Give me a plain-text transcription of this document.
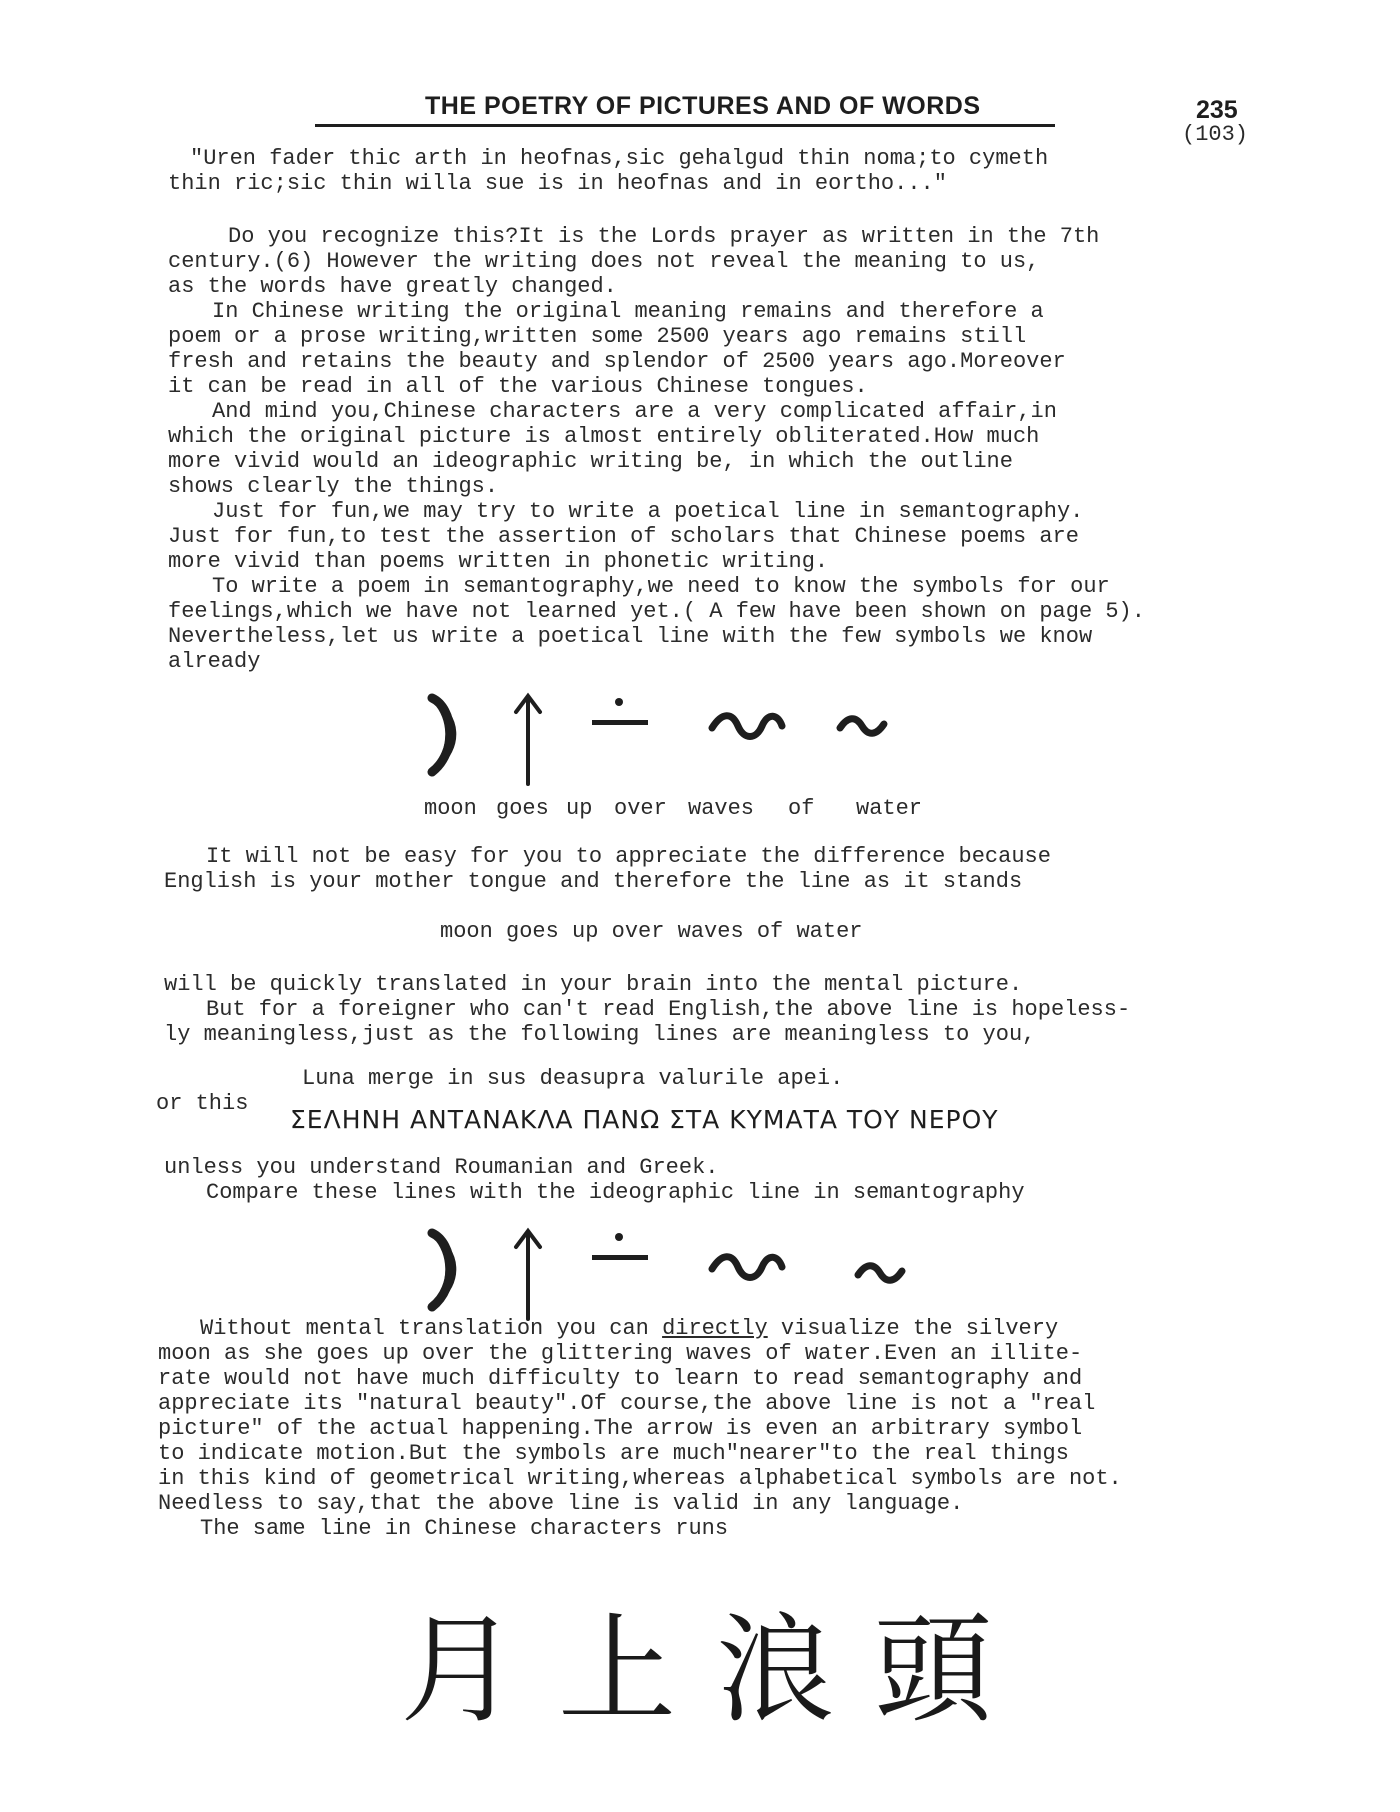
THE POETRY OF PICTURES AND OF WORDS	235
(103)
"Uren fader thic arth in heofnas,sic gehalgud thin noma;to cymeth
thin ric;sic thin willa sue is in heofnas and in eortho..."
Do you recognize this?It is the Lords prayer as written in the 7th
century.(6) However the writing does not reveal the meaning to us,
as the words have greatly changed.
In Chinese writing the original meaning remains and therefore a
poem or a prose writing,written some 2500 years ago remains still
fresh and retains the beauty and splendor of 2500 years ago.Moreover
it can be read in all of the various Chinese tongues.
And mind you,Chinese characters are a very complicated affair,in
which the original picture is almost entirely obliterated.How much
more vivid would an ideographic writing be, in which the outline
shows clearly the things.
Just for fun,we may try to write a poetical line in semantography.
Just for fun,to test the assertion of scholars that Chinese poems are
more vivid than poems written in phonetic writing.
To write a poem in semantography,we need to know the symbols for our
feelings,which we have not learned yet.( A few have been shown on page 5).
Nevertheless,let us write a poetical line with the few symbols we know
already
moon goes up over waves of water
It will not be easy for you to appreciate the difference because
English is your mother tongue and therefore the line as it stands
moon goes up over waves of water
will be quickly translated in your brain into the mental picture.
But for a foreigner who can't read English,the above line is hopeless-
ly meaningless,just as the following lines are meaningless to you,
Luna merge in sus deasupra valurile apei.
or this
ΣΕΛΗΝΗ ΑΝΤΑΝΑΚΛΑ ΠΑΝΩ ΣΤΑ ΚΥΜΑΤΑ ΤΟΥ ΝΕΡΟΥ
unless you understand Roumanian and Greek.
Compare these lines with the ideographic line in semantography
Without mental translation you can directly visualize the silvery
moon as she goes up over the glittering waves of water.Even an illite-
rate would not have much difficulty to learn to read semantography and
appreciate its "natural beauty".Of course,the above line is not a "real
picture" of the actual happening.The arrow is even an arbitrary symbol
to indicate motion.But the symbols are much"nearer"to the real things
in this kind of geometrical writing,whereas alphabetical symbols are not.
Needless to say,that the above line is valid in any language.
The same line in Chinese characters runs
月上浪頭
